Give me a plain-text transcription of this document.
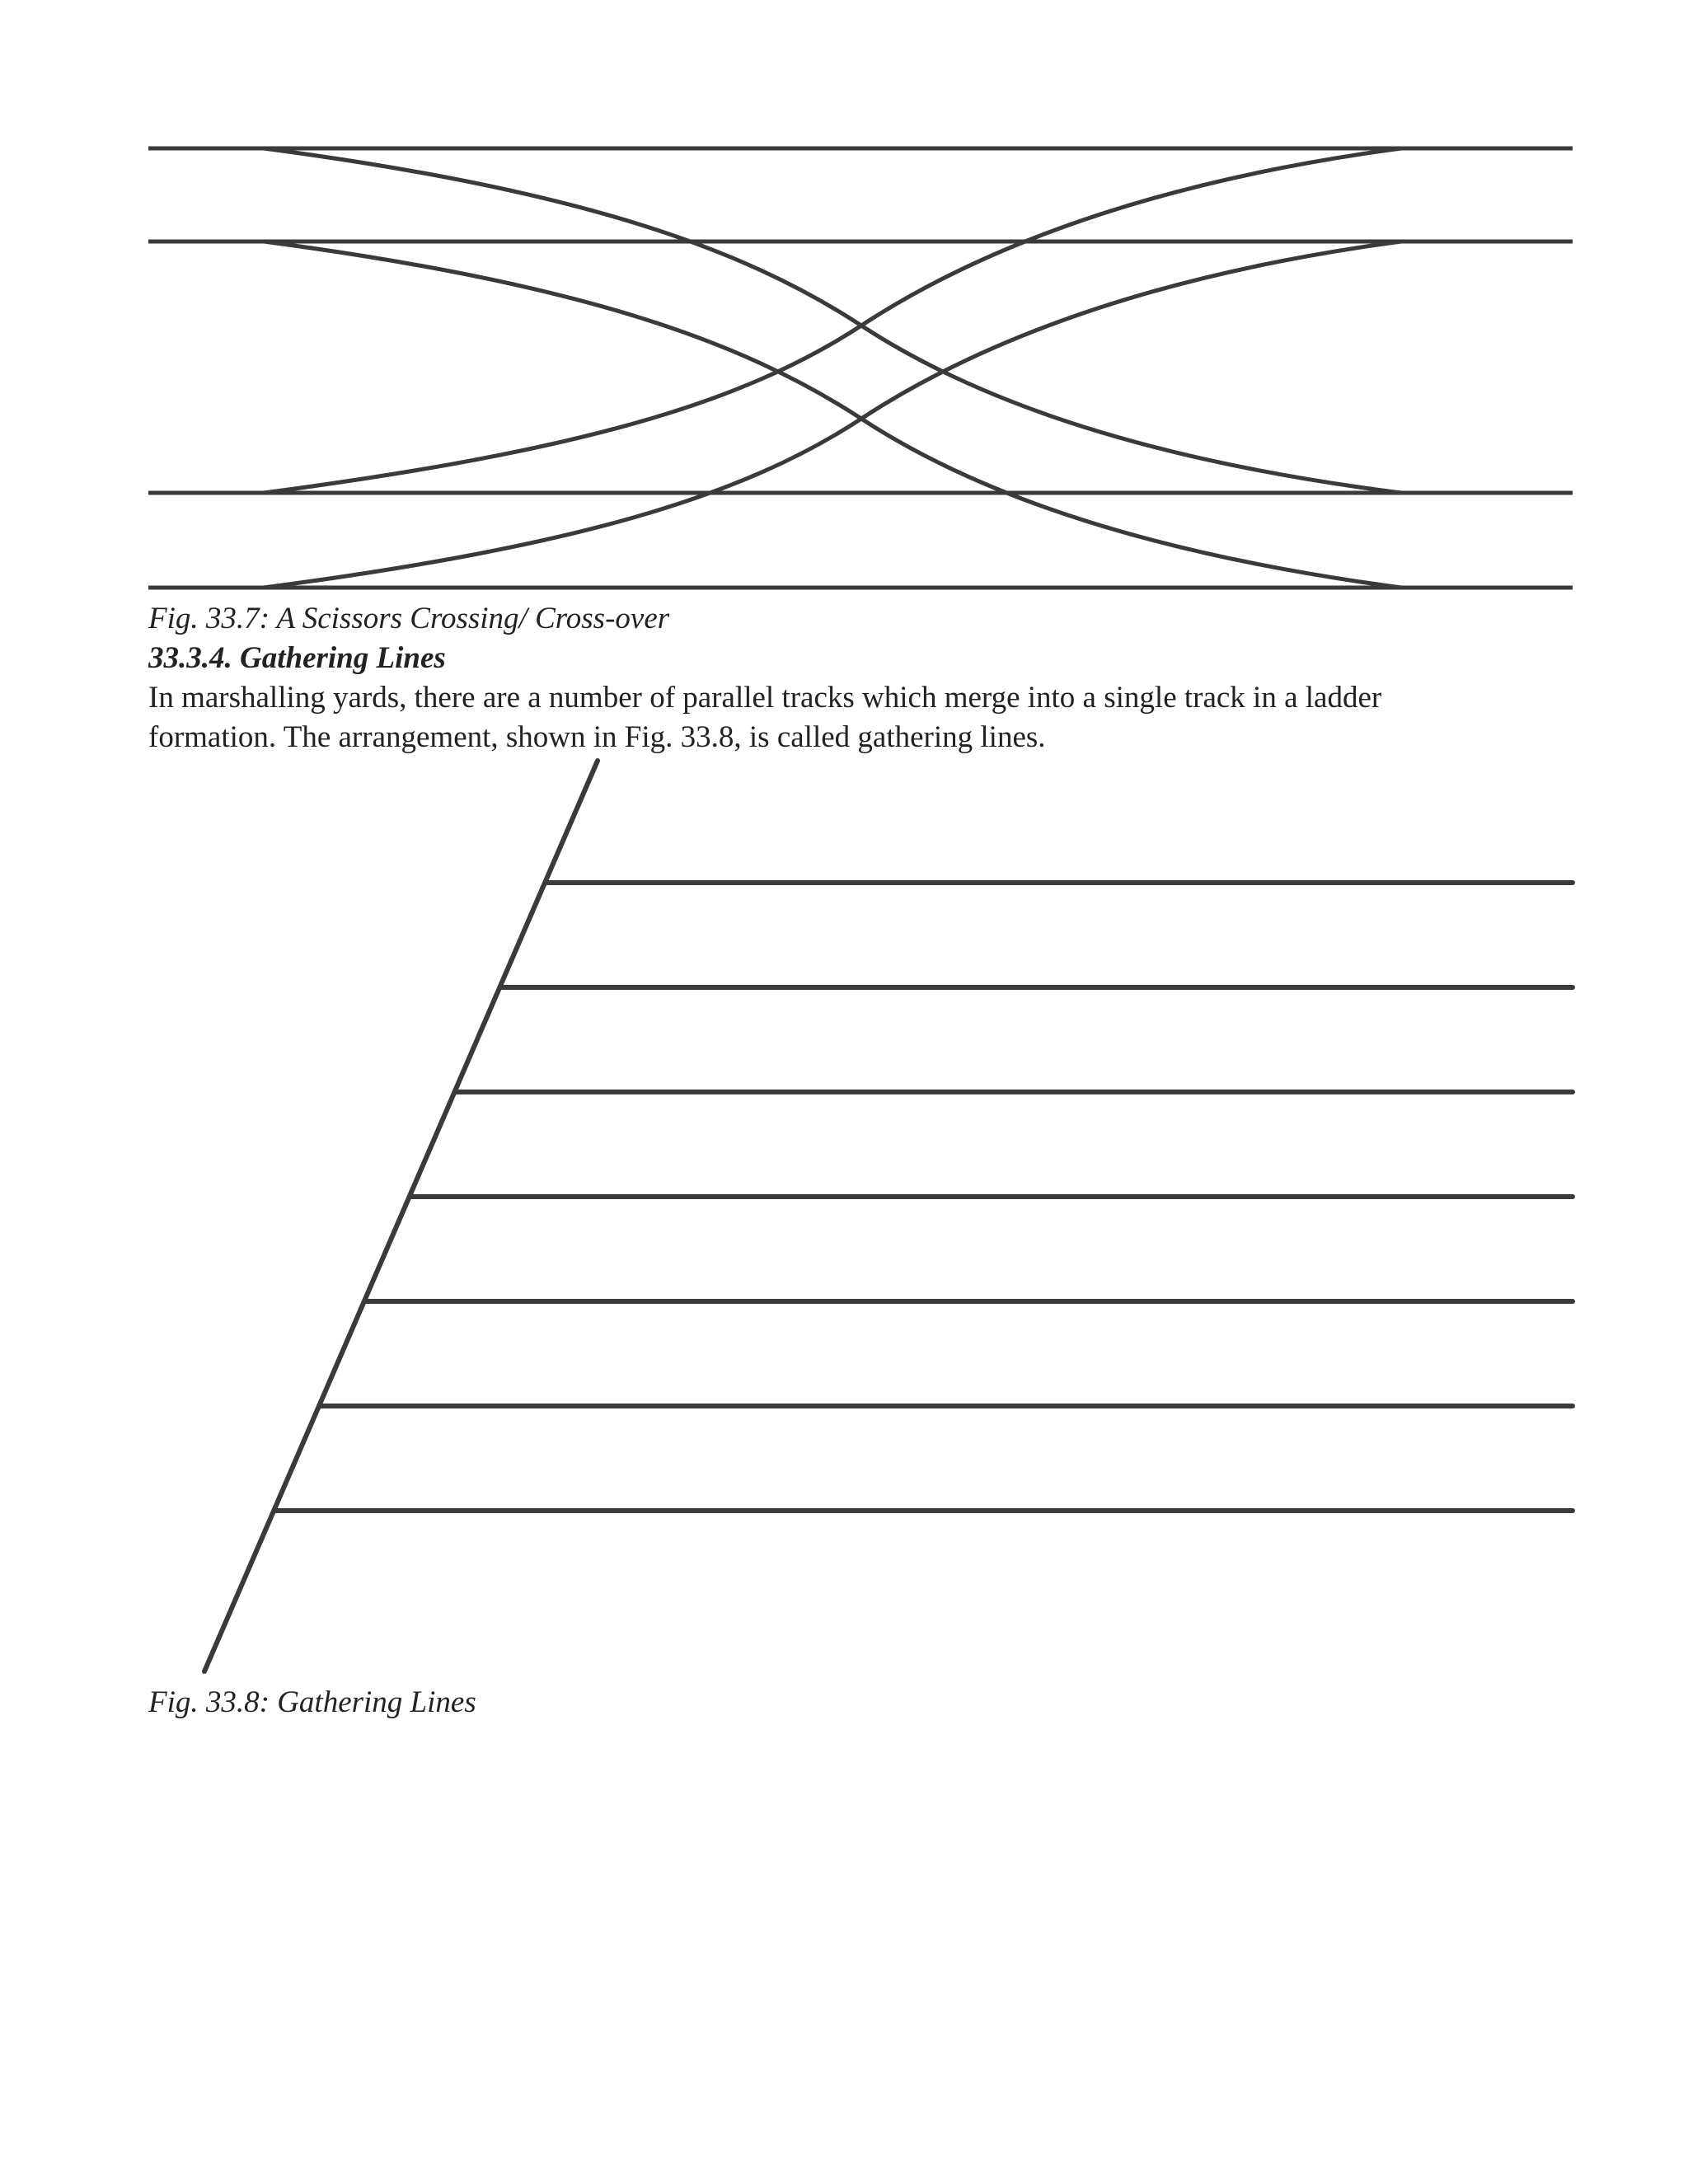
Fig. 33.7: A Scissors Crossing/ Cross-over
33.3.4. Gathering Lines
In marshalling yards, there are a number of parallel tracks which merge into a single track in a ladder
formation. The arrangement, shown in Fig. 33.8, is called gathering lines.
Fig. 33.8: Gathering Lines
